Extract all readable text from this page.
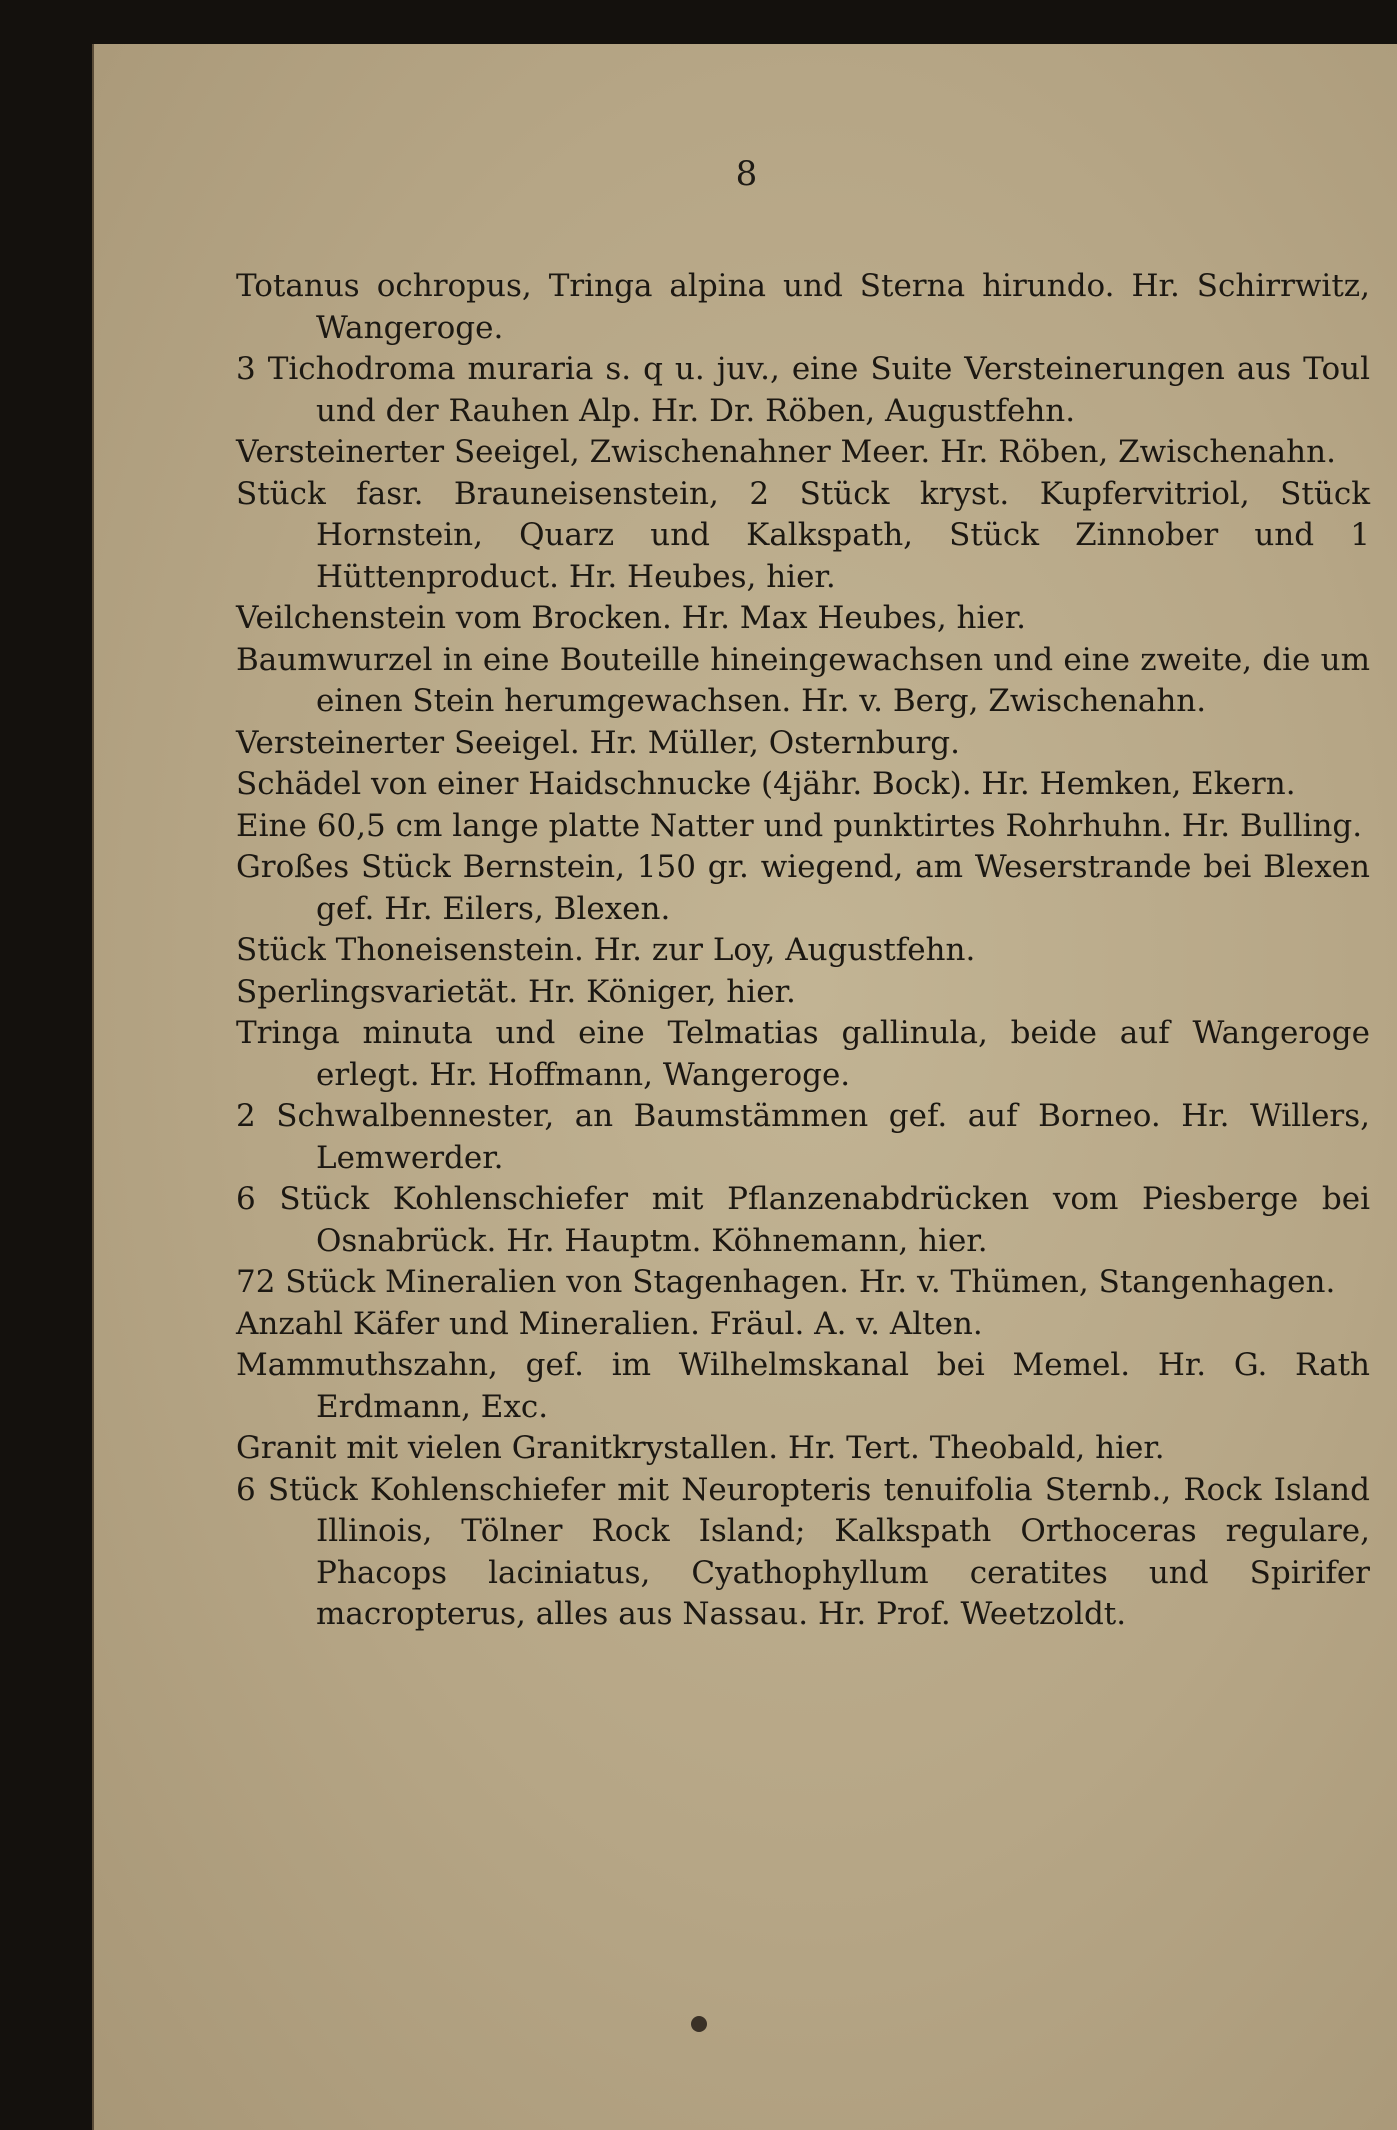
8
Totanus ochropus, Tringa alpina und Sterna hirundo. Hr. Schirrwitz, Wangeroge.
3 Tichodroma muraria s. q u. juv., eine Suite Versteinerungen aus Toul und der Rauhen Alp. Hr. Dr. Röben, Augustfehn.
Versteinerter Seeigel, Zwischenahner Meer. Hr. Röben, Zwischenahn.
Stück fasr. Brauneisenstein, 2 Stück kryst. Kupfervitriol, Stück Hornstein, Quarz und Kalkspath, Stück Zinnober und 1 Hüttenproduct. Hr. Heubes, hier.
Veilchenstein vom Brocken. Hr. Max Heubes, hier.
Baumwurzel in eine Bouteille hineingewachsen und eine zweite, die um einen Stein herumgewachsen. Hr. v. Berg, Zwischenahn.
Versteinerter Seeigel. Hr. Müller, Osternburg.
Schädel von einer Haidschnucke (4jähr. Bock). Hr. Hemken, Ekern.
Eine 60,5 cm lange platte Natter und punktirtes Rohrhuhn. Hr. Bulling.
Großes Stück Bernstein, 150 gr. wiegend, am Weserstrande bei Blexen gef. Hr. Eilers, Blexen.
Stück Thoneisenstein. Hr. zur Loy, Augustfehn.
Sperlingsvarietät. Hr. Königer, hier.
Tringa minuta und eine Telmatias gallinula, beide auf Wangeroge erlegt. Hr. Hoffmann, Wangeroge.
2 Schwalbennester, an Baumstämmen gef. auf Borneo. Hr. Willers, Lemwerder.
6 Stück Kohlenschiefer mit Pflanzenabdrücken vom Piesberge bei Osnabrück. Hr. Hauptm. Köhnemann, hier.
72 Stück Mineralien von Stagenhagen. Hr. v. Thümen, Stangenhagen.
Anzahl Käfer und Mineralien. Fräul. A. v. Alten.
Mammuthszahn, gef. im Wilhelmskanal bei Memel. Hr. G. Rath Erdmann, Exc.
Granit mit vielen Granitkrystallen. Hr. Tert. Theobald, hier.
6 Stück Kohlenschiefer mit Neuropteris tenuifolia Sternb., Rock Island Illinois, Tölner Rock Island; Kalkspath Orthoceras regulare, Phacops laciniatus, Cyathophyllum ceratites und Spirifer macropterus, alles aus Nassau. Hr. Prof. Weetzoldt.
